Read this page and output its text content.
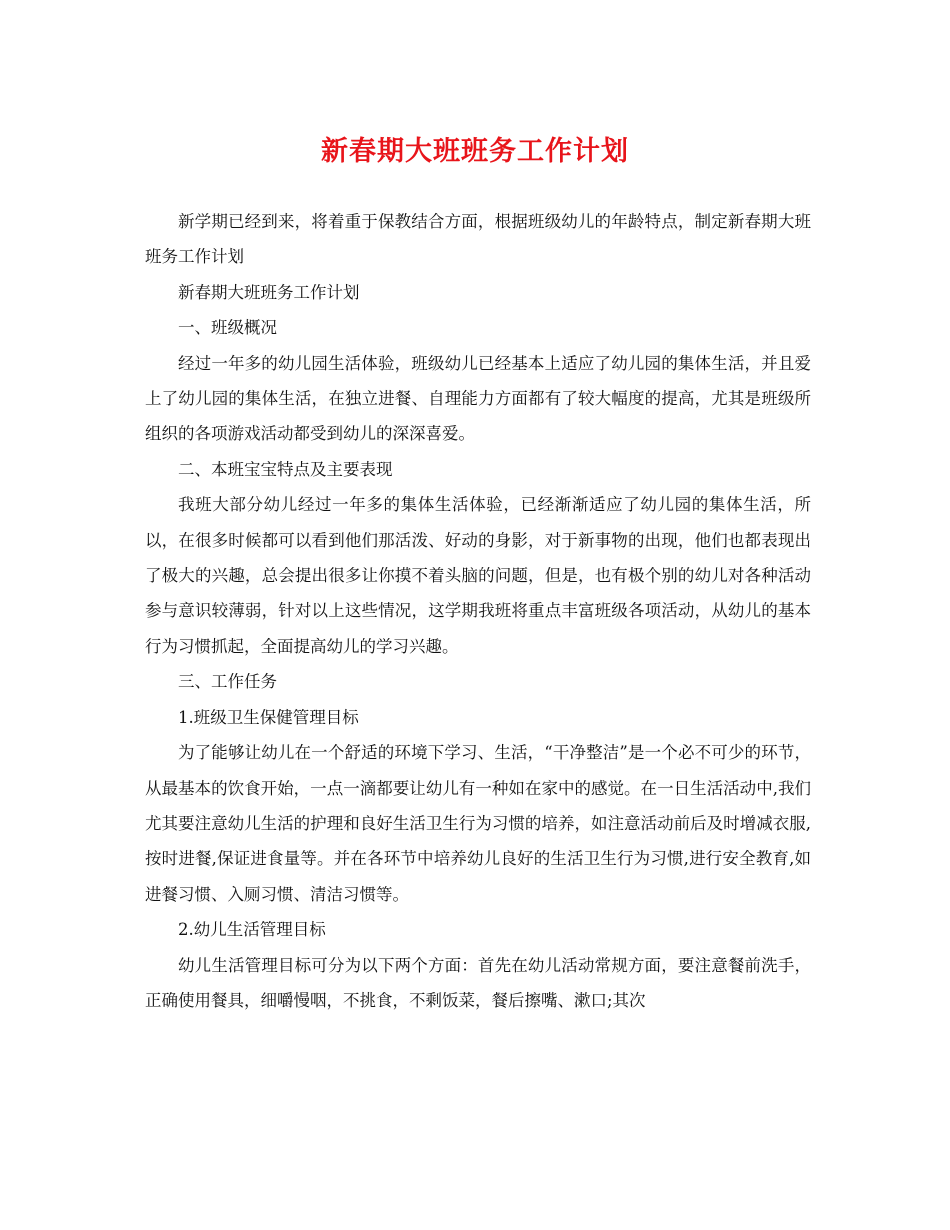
新春期大班班务工作计划

新学期已经到来，将着重于保教结合方面，根据班级幼儿的年龄特点，制定新春期大班班务工作计划

新春期大班班务工作计划

一、班级概况

经过一年多的幼儿园生活体验，班级幼儿已经基本上适应了幼儿园的集体生活，并且爱上了幼儿园的集体生活，在独立进餐、自理能力方面都有了较大幅度的提高，尤其是班级所组织的各项游戏活动都受到幼儿的深深喜爱。

二、本班宝宝特点及主要表现

我班大部分幼儿经过一年多的集体生活体验，已经渐渐适应了幼儿园的集体生活，所以，在很多时候都可以看到他们那活泼、好动的身影，对于新事物的出现，他们也都表现出了极大的兴趣，总会提出很多让你摸不着头脑的问题，但是，也有极个别的幼儿对各种活动参与意识较薄弱，针对以上这些情况，这学期我班将重点丰富班级各项活动，从幼儿的基本行为习惯抓起，全面提高幼儿的学习兴趣。

三、工作任务

1.班级卫生保健管理目标

为了能够让幼儿在一个舒适的环境下学习、生活，“干净整洁”是一个必不可少的环节，从最基本的饮食开始，一点一滴都要让幼儿有一种如在家中的感觉。在一日生活活动中,我们尤其要注意幼儿生活的护理和良好生活卫生行为习惯的培养，如注意活动前后及时增减衣服,按时进餐,保证进食量等。并在各环节中培养幼儿良好的生活卫生行为习惯,进行安全教育,如进餐习惯、入厕习惯、清洁习惯等。

2.幼儿生活管理目标

幼儿生活管理目标可分为以下两个方面：首先在幼儿活动常规方面，要注意餐前洗手，正确使用餐具，细嚼慢咽，不挑食，不剩饭菜，餐后擦嘴、漱口;其次
